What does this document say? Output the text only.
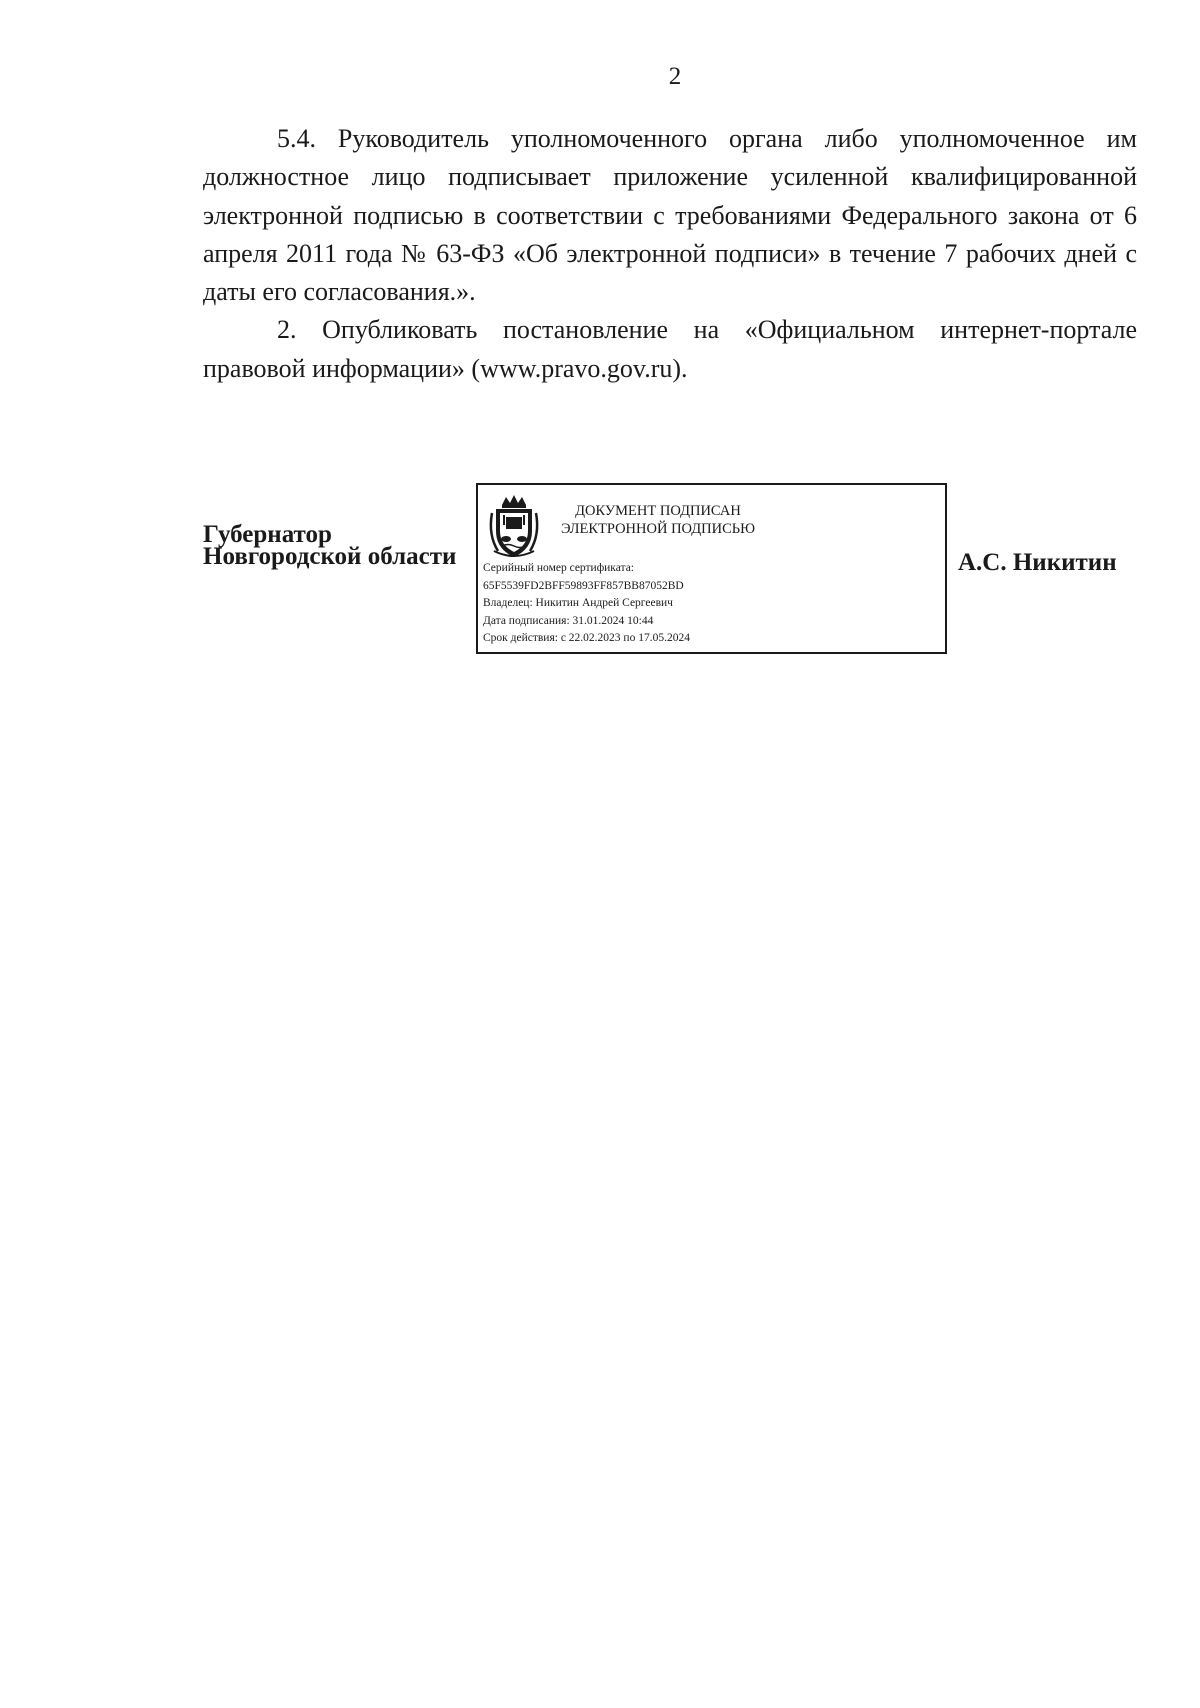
2

5.4. Руководитель уполномоченного органа либо уполномоченное им должностное лицо подписывает приложение усиленной квалифицированной электронной подписью в соответствии с требованиями Федерального закона от 6 апреля 2011 года № 63-ФЗ «Об электронной подписи» в течение 7 рабочих дней с даты его согласования.».

2. Опубликовать постановление на «Официальном интернет-портале правовой информации» (www.pravo.gov.ru).

Губернатор
Новгородской области
ДОКУМЕНТ ПОДПИСАН
ЭЛЕКТРОННОЙ ПОДПИСЬЮ
Серийный номер сертификата:
65F5539FD2BFF59893FF857BB87052BD
Владелец: Никитин Андрей Сергеевич
Дата подписания: 31.01.2024 10:44
Срок действия: с 22.02.2023 по 17.05.2024
А.С. Никитин
